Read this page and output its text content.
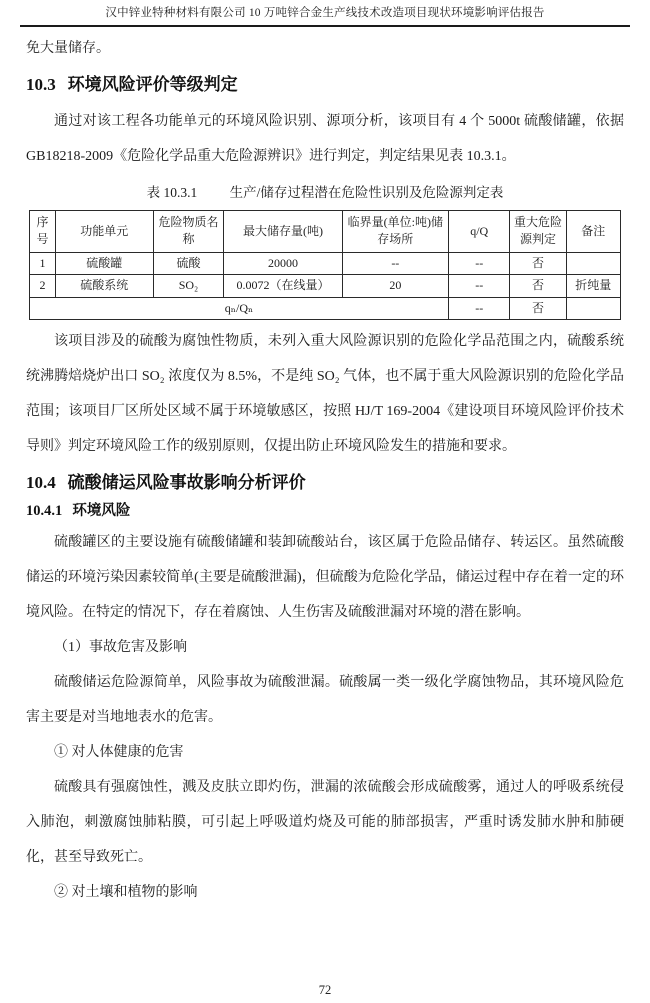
汉中锌业特种材料有限公司 10 万吨锌合金生产线技术改造项目现状环境影响评估报告

免大量储存。

10.3 环境风险评价等级判定

通过对该工程各功能单元的环境风险识别、源项分析，该项目有 4 个 5000t 硫酸储罐，依据 GB18218-2009《危险化学品重大危险源辨识》进行判定，判定结果见表 10.3.1。

表 10.3.1 生产/储存过程潜在危险性识别及危险源判定表
序号	功能单元	危险物质名称	最大储存量(吨)	临界量(单位:吨)储存场所	q/Q	重大危险源判定	备注
1	硫酸罐	硫酸	20000	--	--	否	
2	硫酸系统	SO₂	0.0072（在线量）	20	--	否	折纯量
qₙ/Qₙ					--	否	

该项目涉及的硫酸为腐蚀性物质，未列入重大风险源识别的危险化学品范围之内，硫酸系统统沸腾焙烧炉出口 SO₂ 浓度仅为 8.5%，不是纯 SO₂ 气体，也不属于重大风险源识别的危险化学品范围；该项目厂区所处区域不属于环境敏感区，按照 HJ/T 169-2004《建设项目环境风险评价技术导则》判定环境风险工作的级别原则，仅提出防止环境风险发生的措施和要求。

10.4 硫酸储运风险事故影响分析评价
10.4.1 环境风险

硫酸罐区的主要设施有硫酸储罐和装卸硫酸站台，该区属于危险品储存、转运区。虽然硫酸储运的环境污染因素较简单(主要是硫酸泄漏)，但硫酸为危险化学品，储运过程中存在着一定的环境风险。在特定的情况下，存在着腐蚀、人生伤害及硫酸泄漏对环境的潜在影响。

（1）事故危害及影响

硫酸储运危险源简单，风险事故为硫酸泄漏。硫酸属一类一级化学腐蚀物品，其环境风险危害主要是对当地地表水的危害。

① 对人体健康的危害

硫酸具有强腐蚀性，溅及皮肤立即灼伤，泄漏的浓硫酸会形成硫酸雾，通过人的呼吸系统侵入肺泡，刺激腐蚀肺粘膜，可引起上呼吸道灼烧及可能的肺部损害，严重时诱发肺水肿和肺硬化，甚至导致死亡。

② 对土壤和植物的影响

72
